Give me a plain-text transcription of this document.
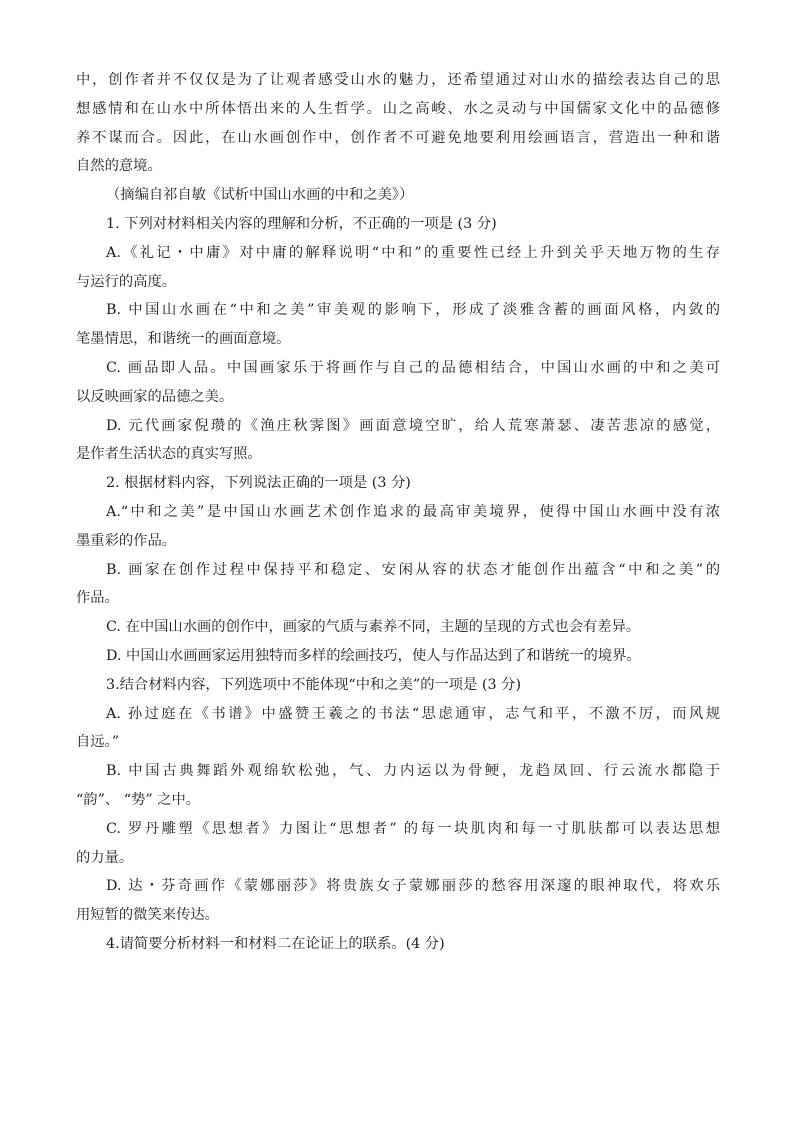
中，创作者并不仅仅是为了让观者感受山水的魅力，还希望通过对山水的描绘表达自己的思
想感情和在山水中所体悟出来的人生哲学。山之高峻、水之灵动与中国儒家文化中的品德修
养不谋而合。因此，在山水画创作中，创作者不可避免地要利用绘画语言，营造出一种和谐
自然的意境。
（摘编自祁自敏《试析中国山水画的中和之美》）
1. 下列对材料相关内容的理解和分析，不正确的一项是 (3 分)
A.《礼记・中庸》对中庸的解释说明“中和”的重要性已经上升到关乎天地万物的生存
与运行的高度。
B. 中国山水画在“中和之美”审美观的影响下，形成了淡雅含蓄的画面风格，内敛的
笔墨情思，和谐统一的画面意境。
C. 画品即人品。中国画家乐于将画作与自己的品德相结合，中国山水画的中和之美可
以反映画家的品德之美。
D. 元代画家倪瓒的《渔庄秋霁图》画面意境空旷，给人荒寒萧瑟、凄苦悲凉的感觉，
是作者生活状态的真实写照。
2. 根据材料内容，下列说法正确的一项是 (3 分)
A.“中和之美”是中国山水画艺术创作追求的最高审美境界，使得中国山水画中没有浓
墨重彩的作品。
B. 画家在创作过程中保持平和稳定、安闲从容的状态才能创作出蕴含“中和之美”的
作品。
C. 在中国山水画的创作中，画家的气质与素养不同，主题的呈现的方式也会有差异。
D. 中国山水画画家运用独特而多样的绘画技巧，使人与作品达到了和谐统一的境界。
3.结合材料内容，下列选项中不能体现“中和之美”的一项是 (3 分)
A. 孙过庭在《书谱》中盛赞王羲之的书法“思虑通审，志气和平，不激不厉，而风规
自远。”
B. 中国古典舞蹈外观绵软松弛，气、力内运以为骨鲠，龙趋凤回、行云流水都隐于
“韵”、 “势” 之中。
C. 罗丹雕塑《思想者》力图让“思想者” 的每一块肌肉和每一寸肌肤都可以表达思想
的力量。
D. 达・芬奇画作《蒙娜丽莎》将贵族女子蒙娜丽莎的愁容用深邃的眼神取代，将欢乐
用短暂的微笑来传达。
4.请简要分析材料一和材料二在论证上的联系。(4 分)
